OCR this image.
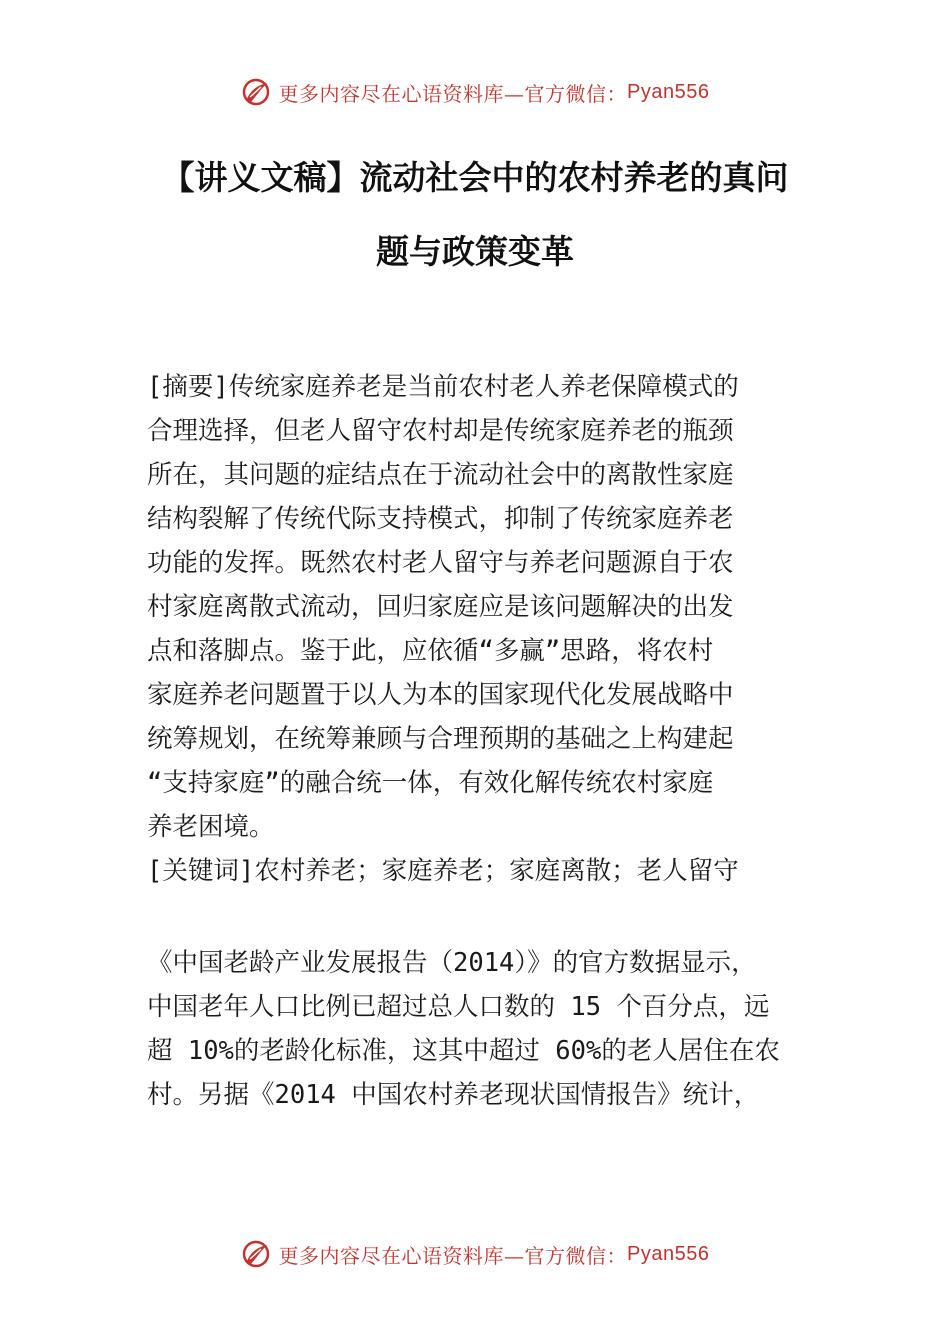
更多内容尽在心语资料库—官方微信： Pyan556
【讲义文稿】流动社会中的农村养老的真问
题与政策变革
[摘要]传统家庭养老是当前农村老人养老保障模式的
合理选择，但老人留守农村却是传统家庭养老的瓶颈
所在，其问题的症结点在于流动社会中的离散性家庭
结构裂解了传统代际支持模式，抑制了传统家庭养老
功能的发挥。既然农村老人留守与养老问题源自于农
村家庭离散式流动，回归家庭应是该问题解决的出发
点和落脚点。鉴于此，应依循“多赢”思路，将农村
家庭养老问题置于以人为本的国家现代化发展战略中
统筹规划，在统筹兼顾与合理预期的基础之上构建起
“支持家庭”的融合统一体，有效化解传统农村家庭
养老困境。
[关键词]农村养老；家庭养老；家庭离散；老人留守
《中国老龄产业发展报告（2014）》的官方数据显示，
中国老年人口比例已超过总人口数的 15 个百分点，远
超 10%的老龄化标准，这其中超过 60%的老人居住在农
村。另据《2014 中国农村养老现状国情报告》统计，
更多内容尽在心语资料库—官方微信： Pyan556
